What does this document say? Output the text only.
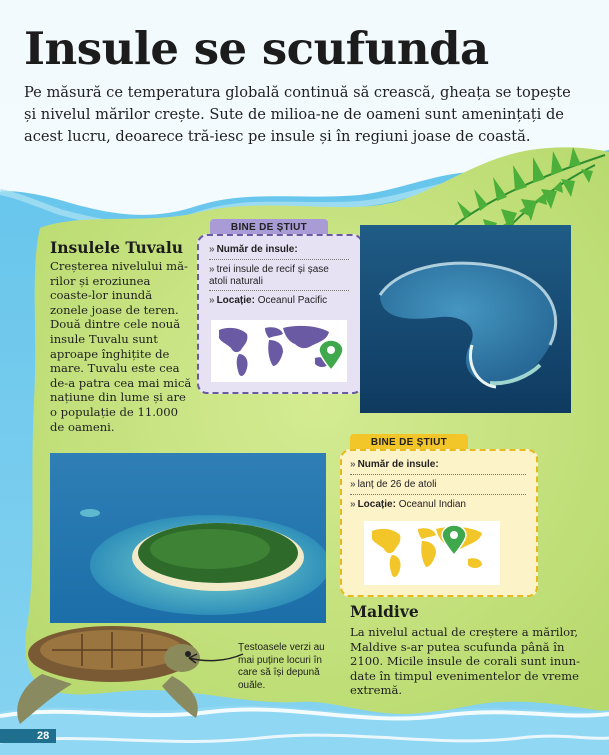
Insule se scufunda

Pe măsură ce temperatura globală continuă să crească, gheața se topește și nivelul mărilor crește. Sute de milioa-ne de oameni sunt amenințați de acest lucru, deoarece tră-iesc pe insule și în regiuni joase de coastă.

Insulele Tuvalu

Creșterea nivelului mă-rilor și eroziunea coaste-lor inundă zonele joase de teren. Două dintre cele nouă insule Tuvalu sunt aproape înghițite de mare. Tuvalu este cea de-a patra cea mai mică națiune din lume și are o populație de 11.000 de oameni.

BINE DE ȘTIUT
» Număr de insule:
» trei insule de recif și șase atoli naturali
» Locație: Oceanul Pacific
BINE DE ȘTIUT
» Număr de insule:
» lanț de 26 de atoli
» Locație: Oceanul Indian
Maldive

La nivelul actual de creștere a mărilor, Maldive s-ar putea scufunda până în 2100. Micile insule de corali sunt inun-date în timpul evenimentelor de vreme extremă.

Țestoasele verzi au mai puține locuri în care să își depună ouăle.
28
